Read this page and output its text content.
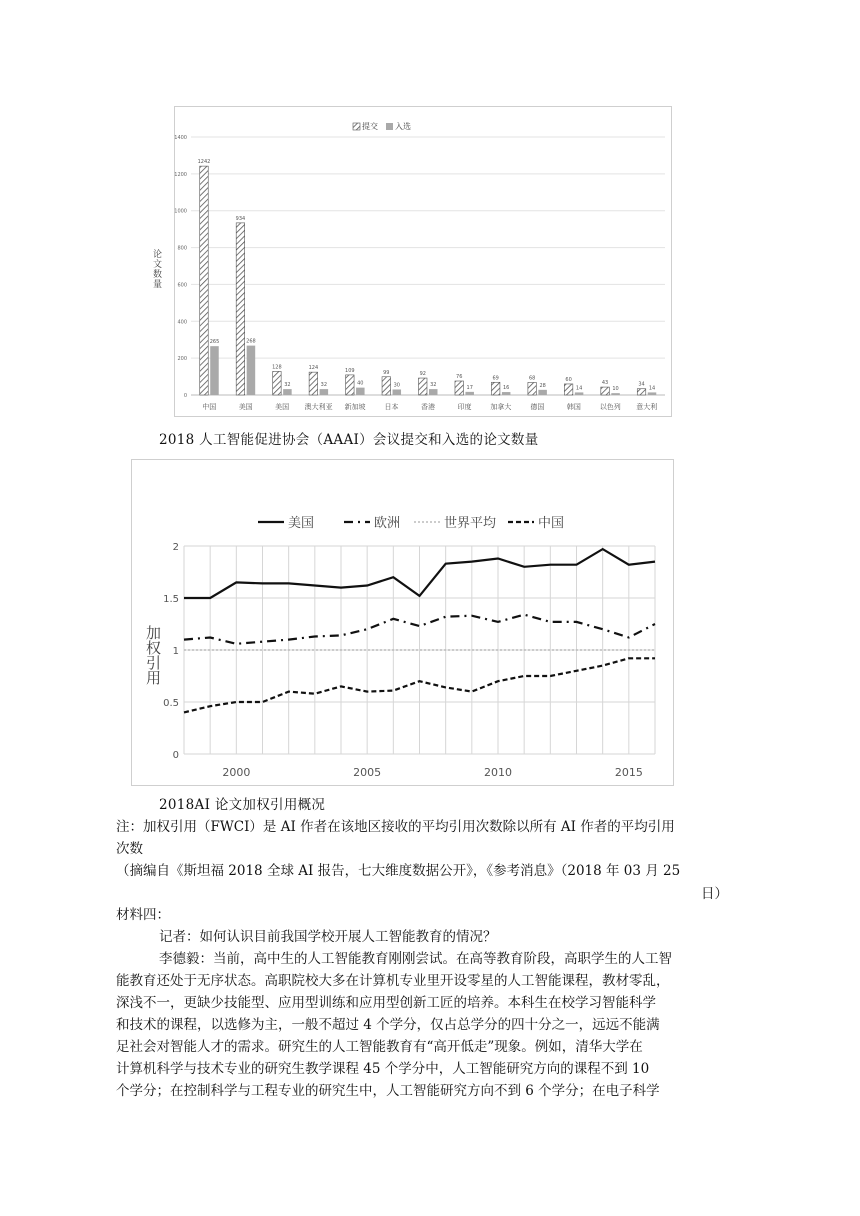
0
200
400
600
800
1000
1200
1400
论文数量
1242
265
中国
934
268
美国
128
32
美国
124
32
澳大利亚
109
40
新加坡
99
30
日本
92
32
香港
76
17
印度
69
16
加拿大
68
28
德国
60
14
韩国
43
10
以色列
34
14
意大利
提交 入选
2018 人工智能促进协会（AAAI）会议提交和入选的论文数量
0
0.5
1
1.5
2
2000	2005	2010	2015
加权引用
美国	欧洲	世界平均	中国
2018AI 论文加权引用概况
注：加权引用（FWCI）是 AI 作者在该地区接收的平均引用次数除以所有 AI 作者的平均引用
次数
（摘编自《斯坦福 2018 全球 AI 报告，七大维度数据公开》，《参考消息》（2018 年 03 月 25
日）
材料四：
记者：如何认识目前我国学校开展人工智能教育的情况？
李德毅：当前，高中生的人工智能教育刚刚尝试。在高等教育阶段，高职学生的人工智
能教育还处于无序状态。高职院校大多在计算机专业里开设零星的人工智能课程，教材零乱，
深浅不一，更缺少技能型、应用型训练和应用型创新工匠的培养。本科生在校学习智能科学
和技术的课程，以选修为主，一般不超过 4 个学分，仅占总学分的四十分之一，远远不能满
足社会对智能人才的需求。研究生的人工智能教育有“高开低走”现象。例如，清华大学在
计算机科学与技术专业的研究生教学课程 45 个学分中，人工智能研究方向的课程不到 10
个学分；在控制科学与工程专业的研究生中，人工智能研究方向不到 6 个学分；在电子科学
